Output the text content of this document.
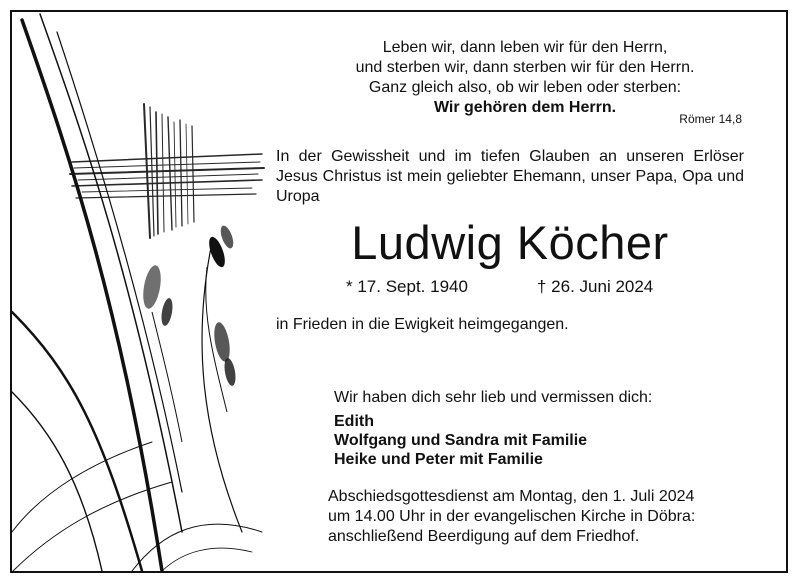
Leben wir, dann leben wir für den Herrn,
und sterben wir, dann sterben wir für den Herrn.
Ganz gleich also, ob wir leben oder sterben:
Wir gehören dem Herrn.
Römer 14,8
In der Gewissheit und im tiefen Glauben an unseren Erlöser Jesus Christus ist mein geliebter Ehemann, unser Papa, Opa und Uropa
Ludwig Köcher
* 17. Sept. 1940	† 26. Juni 2024
in Frieden in die Ewigkeit heimgegangen.
Wir haben dich sehr lieb und vermissen dich:
Edith
Wolfgang und Sandra mit Familie
Heike und Peter mit Familie
Abschiedsgottesdienst am Montag, den 1. Juli 2024
um 14.00 Uhr in der evangelischen Kirche in Döbra:
anschließend Beerdigung auf dem Friedhof.
